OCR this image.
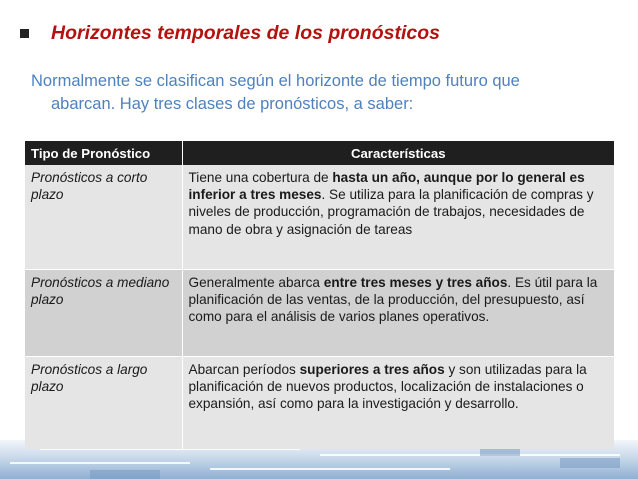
Horizontes temporales de los pronósticos
Normalmente se clasifican según el horizonte de tiempo futuro que
abarcan. Hay tres clases de pronósticos, a saber:
Tipo de Pronóstico	Características
Pronósticos a corto plazo	Tiene una cobertura de hasta un año, aunque por lo general es inferior a tres meses. Se utiliza para la planificación de compras y niveles de producción, programación de trabajos, necesidades de mano de obra y asignación de tareas
Pronósticos a mediano plazo	Generalmente abarca entre tres meses y tres años. Es útil para la planificación de las ventas, de la producción, del presupuesto, así como para el análisis de varios planes operativos.
Pronósticos a largo plazo	Abarcan períodos superiores a tres años y son utilizadas para la planificación de nuevos productos, localización de instalaciones o expansión, así como para la investigación y desarrollo.
